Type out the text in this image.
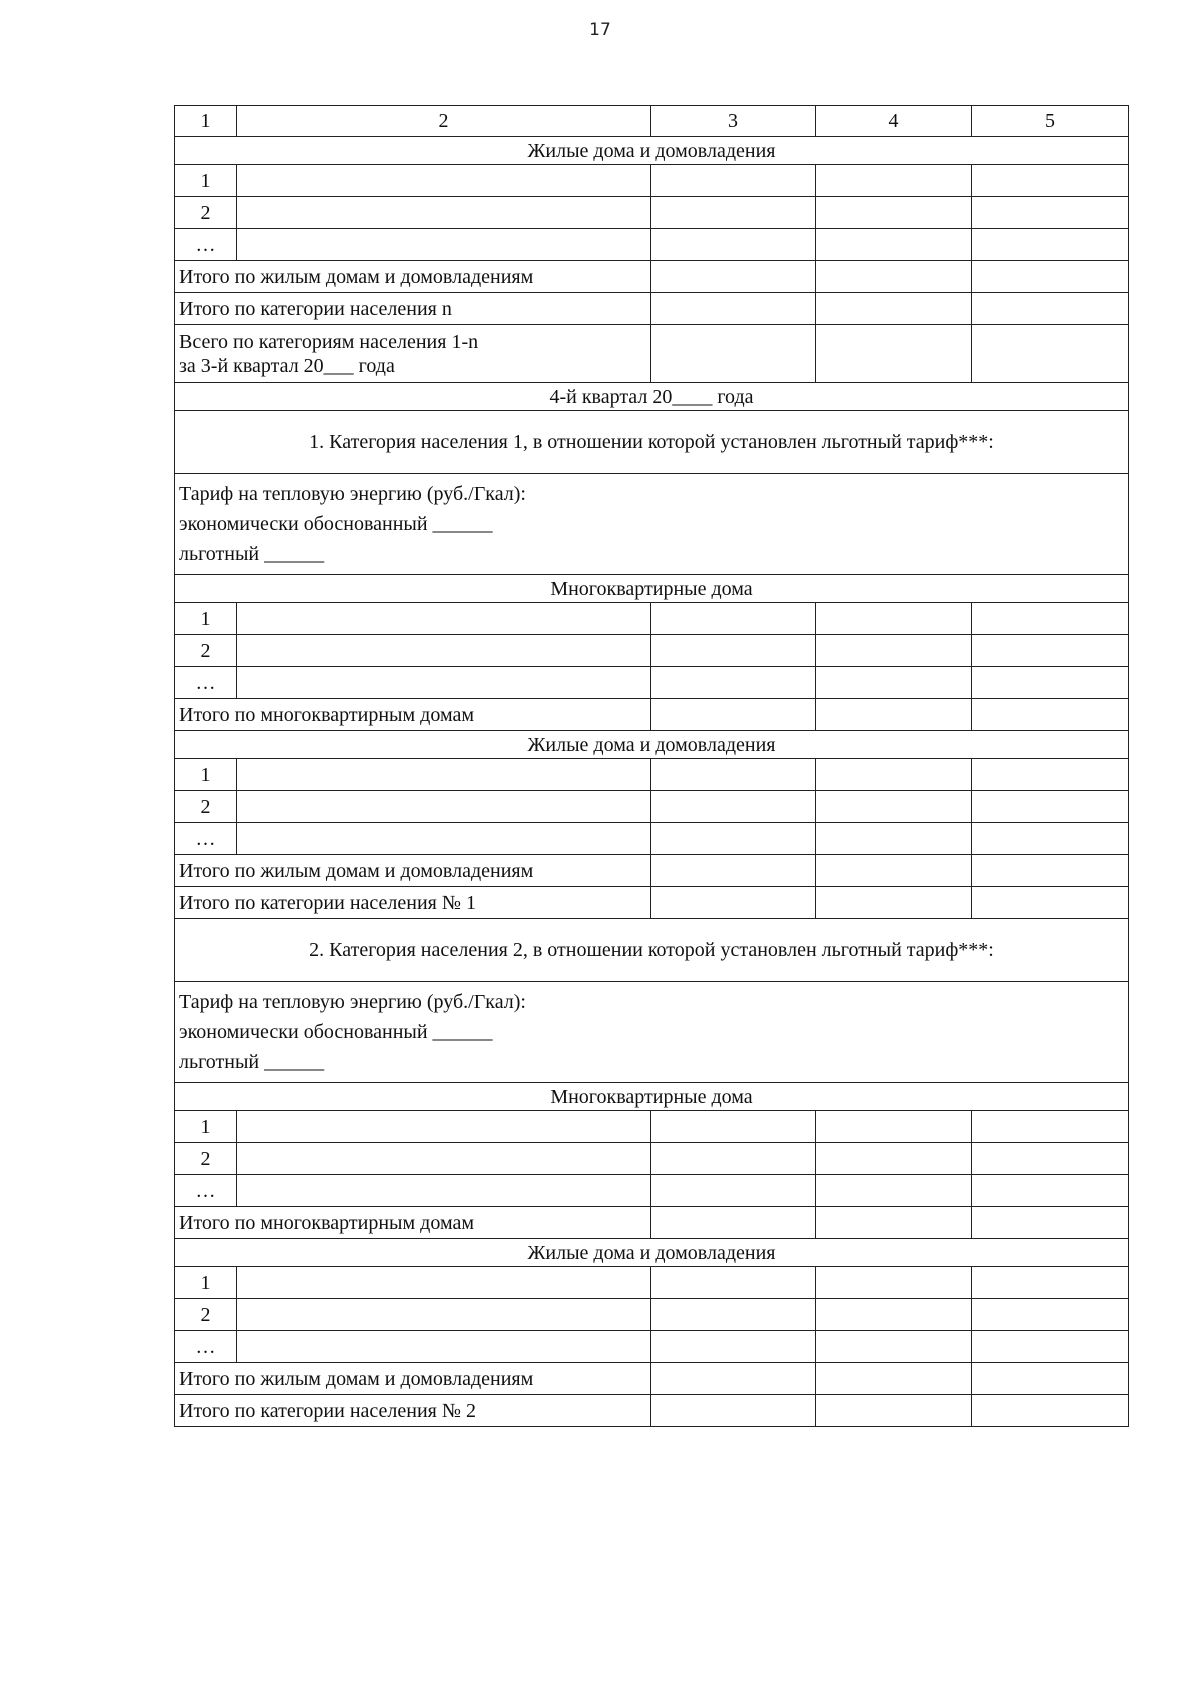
17
1	2	3	4	5
Жилые дома и домовладения				
1				
2				
…				
Итого по жилым домам и домовладениям				
Итого по категории населения n				

Всего по категориям населения 1-n
за 3-й квартал 20___ года				

4-й квартал 20____ года				
1. Категория населения 1, в отношении которой установлен льготный тариф***:				

Тариф на тепловую энергию (руб./Гкал):
экономически обоснованный ______
льготный ______				

Многоквартирные дома				
1				
2				
…				
Итого по многоквартирным домам				
Жилые дома и домовладения				
1				
2				
…				
Итого по жилым домам и домовладениям				
Итого по категории населения № 1				
2. Категория населения 2, в отношении которой установлен льготный тариф***:				

Тариф на тепловую энергию (руб./Гкал):
экономически обоснованный ______
льготный ______				

Многоквартирные дома				
1				
2				
…				
Итого по многоквартирным домам				
Жилые дома и домовладения				
1				
2				
…				
Итого по жилым домам и домовладениям				
Итого по категории населения № 2				
